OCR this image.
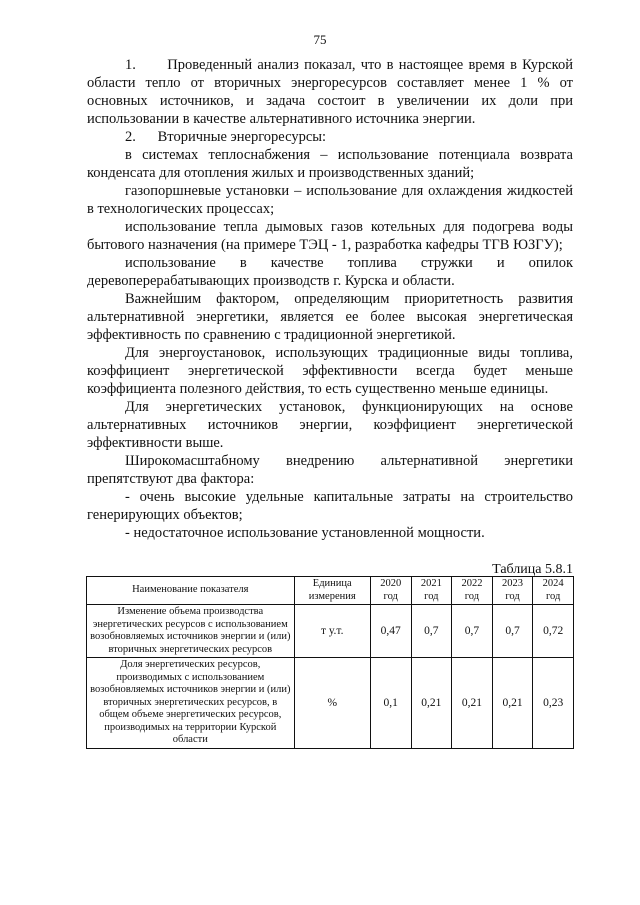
75

1.      Проведенный анализ показал, что в настоящее время в Курской области тепло от вторичных энергоресурсов составляет менее 1 % от основных источников, и задача состоит в увеличении их доли при использовании в качестве альтернативного источника энергии.

2.      Вторичные энергоресурсы:

в системах теплоснабжения – использование потенциала возврата конденсата для отопления жилых и производственных зданий;

газопоршневые установки – использование для охлаждения жидкостей в технологических процессах;

использование тепла дымовых газов котельных для подогрева воды бытового назначения (на примере ТЭЦ - 1, разработка кафедры ТГВ ЮЗГУ);

использование в качестве топлива стружки и опилок деревоперерабатывающих производств г. Курска и области.

Важнейшим фактором, определяющим приоритетность развития альтернативной энергетики, является ее более высокая энергетическая эффективность по сравнению с традиционной энергетикой.

Для энергоустановок, использующих традиционные виды топлива, коэффициент энергетической эффективности всегда будет меньше коэффициента полезного действия, то есть существенно меньше единицы.

Для энергетических установок, функционирующих на основе альтернативных источников энергии, коэффициент энергетической эффективности выше.

Широкомасштабному внедрению альтернативной энергетики препятствуют два фактора:

- очень высокие удельные капитальные затраты на строительство генерирующих объектов;

- недостаточное использование установленной мощности.

Таблица 5.8.1
Наименование показателя	Единица измерения	2020 год	2021 год	2022 год	2023 год	2024 год
Изменение объема производства энергетических ресурсов с использованием возобновляемых источников энергии и (или) вторичных энергетических ресурсов	т у.т.	0,47	0,7	0,7	0,7	0,72
Доля энергетических ресурсов, производимых с использованием возобновляемых источников энергии и (или) вторичных энергетических ресурсов, в общем объеме энергетических ресурсов, производимых на территории Курской области	%	0,1	0,21	0,21	0,21	0,23
